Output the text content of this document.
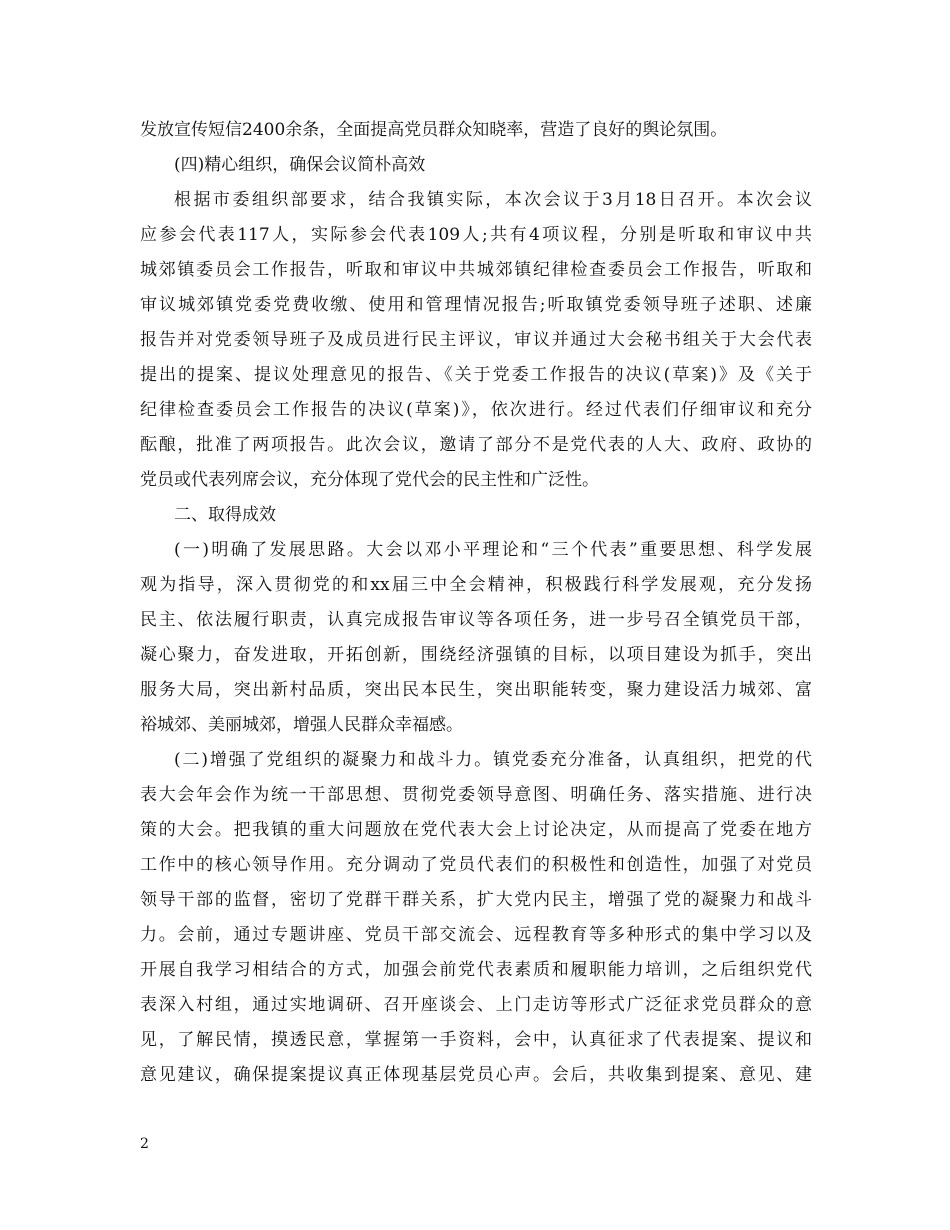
发放宣传短信2400余条，全面提高党员群众知晓率，营造了良好的舆论氛围。
(四)精心组织，确保会议简朴高效
根据市委组织部要求，结合我镇实际，本次会议于3月18日召开。本次会议
应参会代表117人，实际参会代表109人;共有4项议程，分别是听取和审议中共
城郊镇委员会工作报告，听取和审议中共城郊镇纪律检查委员会工作报告，听取和
审议城郊镇党委党费收缴、使用和管理情况报告;听取镇党委领导班子述职、述廉
报告并对党委领导班子及成员进行民主评议，审议并通过大会秘书组关于大会代表
提出的提案、提议处理意见的报告、《关于党委工作报告的决议(草案)》及《关于
纪律检查委员会工作报告的决议(草案)》，依次进行。经过代表们仔细审议和充分
酝酿，批准了两项报告。此次会议，邀请了部分不是党代表的人大、政府、政协的
党员或代表列席会议，充分体现了党代会的民主性和广泛性。
二、取得成效
(一)明确了发展思路。大会以邓小平理论和“三个代表”重要思想、科学发展
观为指导，深入贯彻党的和xx届三中全会精神，积极践行科学发展观，充分发扬
民主、依法履行职责，认真完成报告审议等各项任务，进一步号召全镇党员干部，
凝心聚力，奋发进取，开拓创新，围绕经济强镇的目标，以项目建设为抓手，突出
服务大局，突出新村品质，突出民本民生，突出职能转变，聚力建设活力城郊、富
裕城郊、美丽城郊，增强人民群众幸福感。
(二)增强了党组织的凝聚力和战斗力。镇党委充分准备，认真组织，把党的代
表大会年会作为统一干部思想、贯彻党委领导意图、明确任务、落实措施、进行决
策的大会。把我镇的重大问题放在党代表大会上讨论决定，从而提高了党委在地方
工作中的核心领导作用。充分调动了党员代表们的积极性和创造性，加强了对党员
领导干部的监督，密切了党群干群关系，扩大党内民主，增强了党的凝聚力和战斗
力。会前，通过专题讲座、党员干部交流会、远程教育等多种形式的集中学习以及
开展自我学习相结合的方式，加强会前党代表素质和履职能力培训，之后组织党代
表深入村组，通过实地调研、召开座谈会、上门走访等形式广泛征求党员群众的意
见，了解民情，摸透民意，掌握第一手资料，会中，认真征求了代表提案、提议和
意见建议，确保提案提议真正体现基层党员心声。会后，共收集到提案、意见、建
2
